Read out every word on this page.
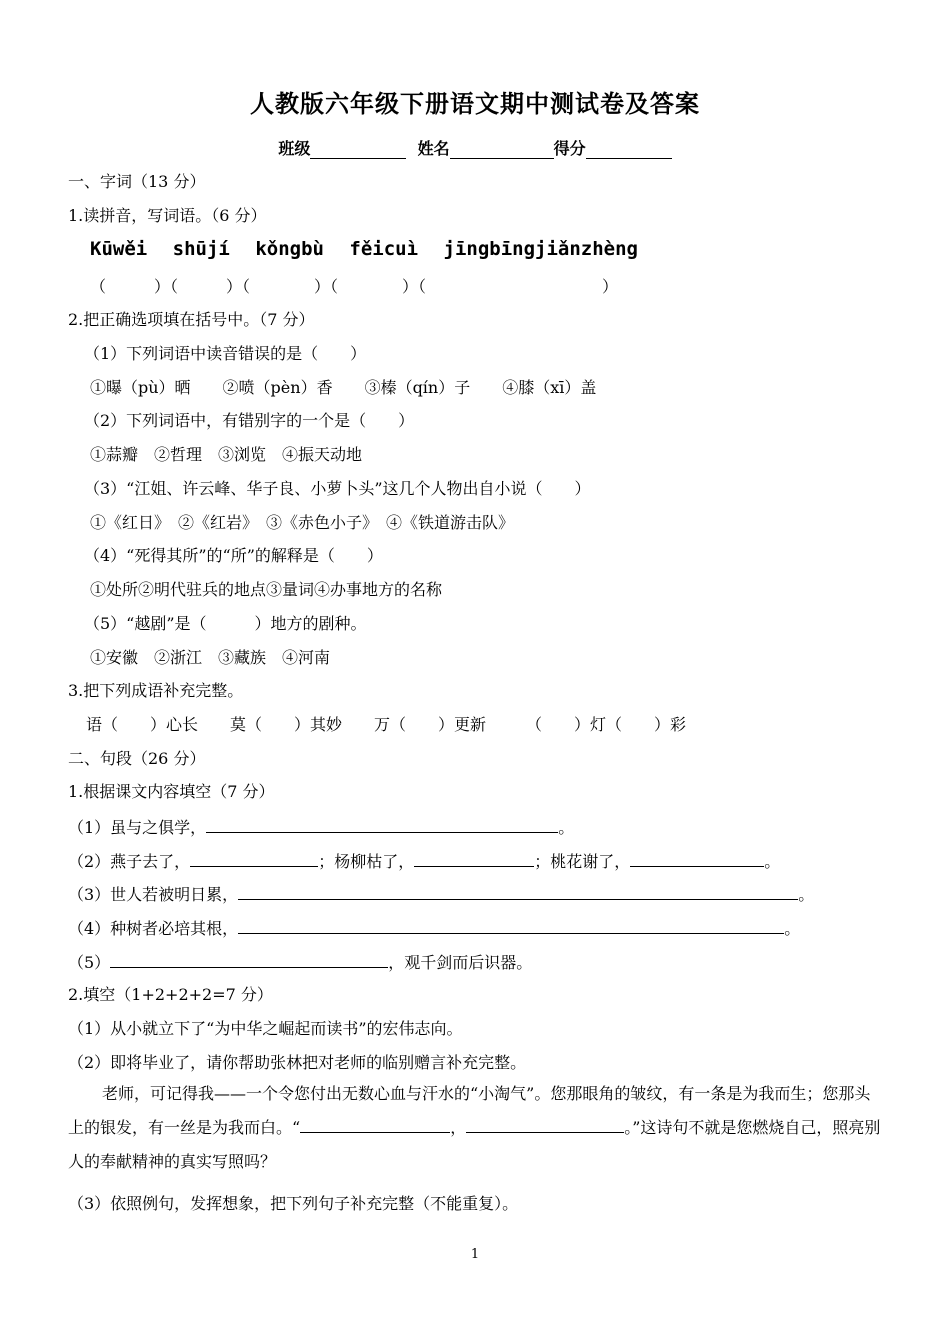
人教版六年级下册语文期中测试卷及答案
班级	姓名	得分
一、字词（13 分）
1.读拼音，写词语。（6 分）
Kūwěi shūjí kǒngbù fěicuì jīngbīngjiǎnzhèng
（　　　）（　　　）（　　　　）（　　　　）（　　　　　　　　　　　）
2.把正确选项填在括号中。（7 分）
（1）下列词语中读音错误的是（　　）
①曝（pù）晒　　②喷（pèn）香　　③榛（qín）子　　④膝（xī）盖
（2）下列词语中，有错别字的一个是（　　）
①蒜瓣　②哲理　③浏览　④振天动地
（3）“江姐、许云峰、华子良、小萝卜头”这几个人物出自小说（　　）
①《红日》　②《红岩》　③《赤色小子》　④《铁道游击队》
（4）“死得其所”的“所”的解释是（　　）
①处所②明代驻兵的地点③量词④办事地方的名称
（5）“越剧”是（　　　）地方的剧种。
①安徽　②浙江　③藏族　④河南
3.把下列成语补充完整。
语（　　）心长　　莫（　　）其妙　　万（　　）更新　　　（　　）灯（　　）彩
二、句段（26 分）
1.根据课文内容填空（7 分）
（1）虽与之俱学，	。
（2）燕子去了，	；杨柳枯了，	；桃花谢了，	。
（3）世人若被明日累，	。
（4）种树者必培其根，	。
（5）	，观千剑而后识器。
2.填空（1+2+2+2=7 分）
（1）从小就立下了“为中华之崛起而读书”的宏伟志向。
（2）即将毕业了，请你帮助张林把对老师的临别赠言补充完整。
老师，可记得我——一个令您付出无数心血与汗水的“小淘气”。您那眼角的皱纹，有一条是为我而生；您那头上的银发，有一丝是为我而白。“	，	。”这诗句不就是您燃烧自己，照亮别人的奉献精神的真实写照吗？
（3）依照例句，发挥想象，把下列句子补充完整（不能重复）。
1
